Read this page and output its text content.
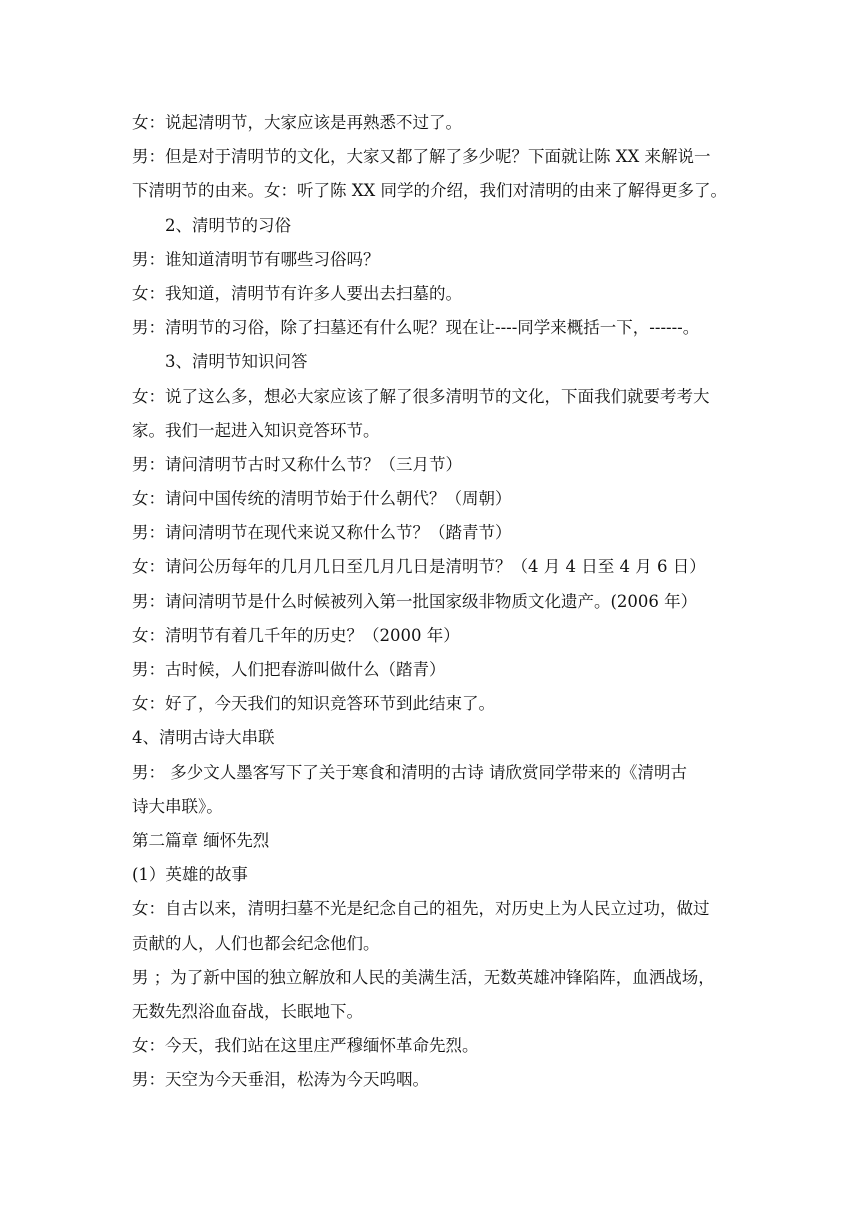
女：说起清明节，大家应该是再熟悉不过了。
男：但是对于清明节的文化，大家又都了解了多少呢？下面就让陈 XX 来解说一
下清明节的由来。女：听了陈 XX 同学的介绍，我们对清明的由来了解得更多了。
2、清明节的习俗
男：谁知道清明节有哪些习俗吗？
女：我知道，清明节有许多人要出去扫墓的。
男：清明节的习俗，除了扫墓还有什么呢？现在让----同学来概括一下，------。
3、清明节知识问答
女：说了这么多，想必大家应该了解了很多清明节的文化，下面我们就要考考大
家。我们一起进入知识竞答环节。
男：请问清明节古时又称什么节？（三月节）
女：请问中国传统的清明节始于什么朝代？（周朝）
男：请问清明节在现代来说又称什么节？（踏青节）
女：请问公历每年的几月几日至几月几日是清明节？（4 月 4 日至 4 月 6 日）
男：请问清明节是什么时候被列入第一批国家级非物质文化遗产。(2006 年）
女：清明节有着几千年的历史？（2000 年）
男：古时候，人们把春游叫做什么（踏青）
女：好了，今天我们的知识竞答环节到此结束了。
4、清明古诗大串联
男： 多少文人墨客写下了关于寒食和清明的古诗 请欣赏同学带来的《清明古
诗大串联》。
第二篇章 缅怀先烈
(1）英雄的故事
女：自古以来，清明扫墓不光是纪念自己的祖先，对历史上为人民立过功，做过
贡献的人，人们也都会纪念他们。
男 ；为了新中国的独立解放和人民的美满生活，无数英雄冲锋陷阵，血洒战场，
无数先烈浴血奋战，长眠地下。
女：今天，我们站在这里庄严穆缅怀革命先烈。
男：天空为今天垂泪，松涛为今天呜咽。
